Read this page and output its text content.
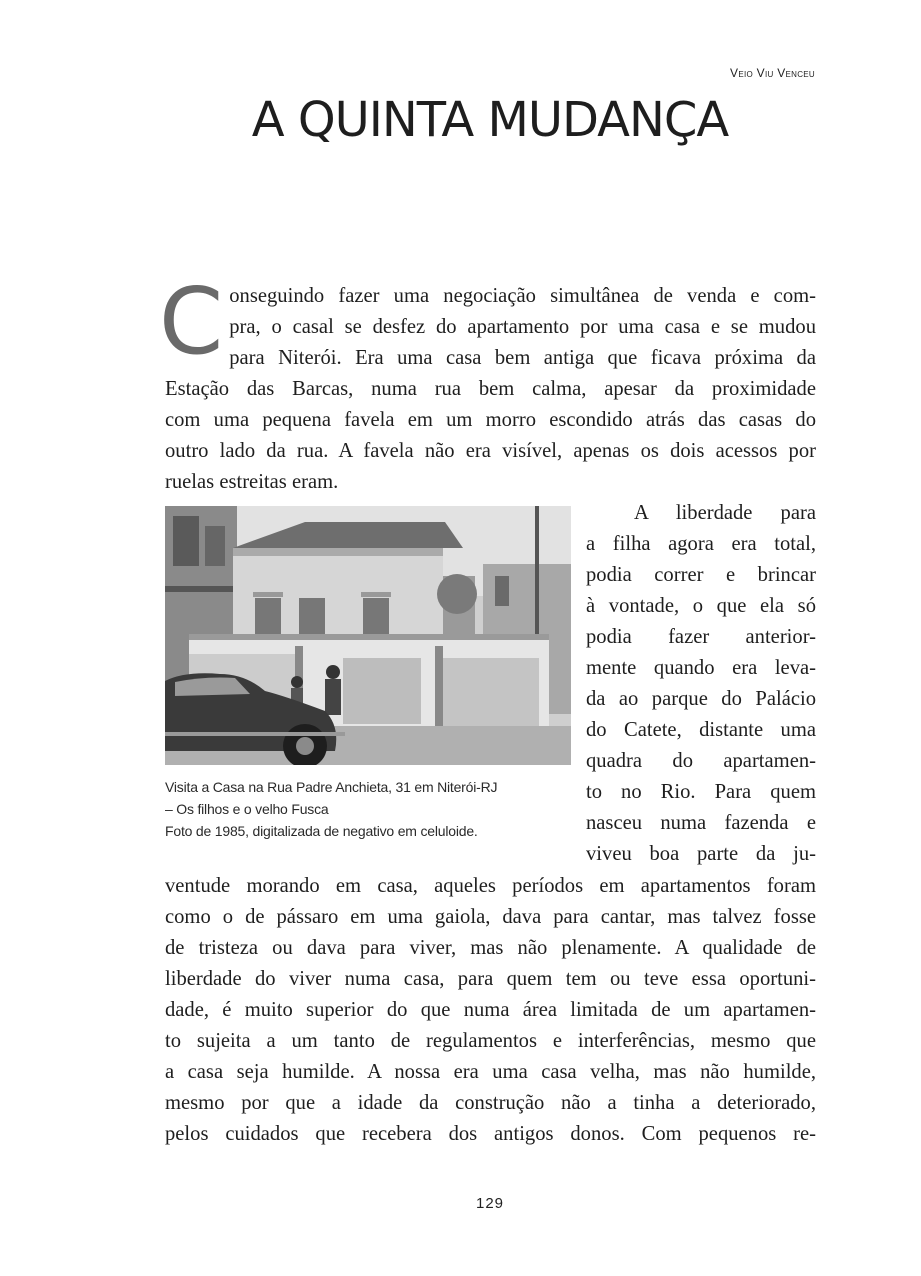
Veio Viu Venceu
A QUINTA MUDANÇA
C onseguindo fazer uma negociação simultânea de venda e com-
pra, o casal se desfez do apartamento por uma casa e se mudou
para Niterói. Era uma casa bem antiga que ficava próxima da
Estação das Barcas, numa rua bem calma, apesar da proximidade
com uma pequena favela em um morro escondido atrás das casas do
outro lado da rua. A favela não era visível, apenas os dois acessos por
ruelas estreitas eram.
Visita a Casa na Rua Padre Anchieta, 31 em Niterói-RJ
– Os filhos e o velho Fusca
Foto de 1985, digitalizada de negativo em celuloide.
A liberdade para
a filha agora era total,
podia correr e brincar
à vontade, o que ela só
podia fazer anterior-
mente quando era leva-
da ao parque do Palácio
do Catete, distante uma
quadra do apartamen-
to no Rio. Para quem
nasceu numa fazenda e
viveu boa parte da ju-
ventude morando em casa, aqueles períodos em apartamentos foram
como o de pássaro em uma gaiola, dava para cantar, mas talvez fosse
de tristeza ou dava para viver, mas não plenamente. A qualidade de
liberdade do viver numa casa, para quem tem ou teve essa oportuni-
dade, é muito superior do que numa área limitada de um apartamen-
to sujeita a um tanto de regulamentos e interferências, mesmo que
a casa seja humilde. A nossa era uma casa velha, mas não humilde,
mesmo por que a idade da construção não a tinha a deteriorado,
pelos cuidados que recebera dos antigos donos. Com pequenos re-
129
